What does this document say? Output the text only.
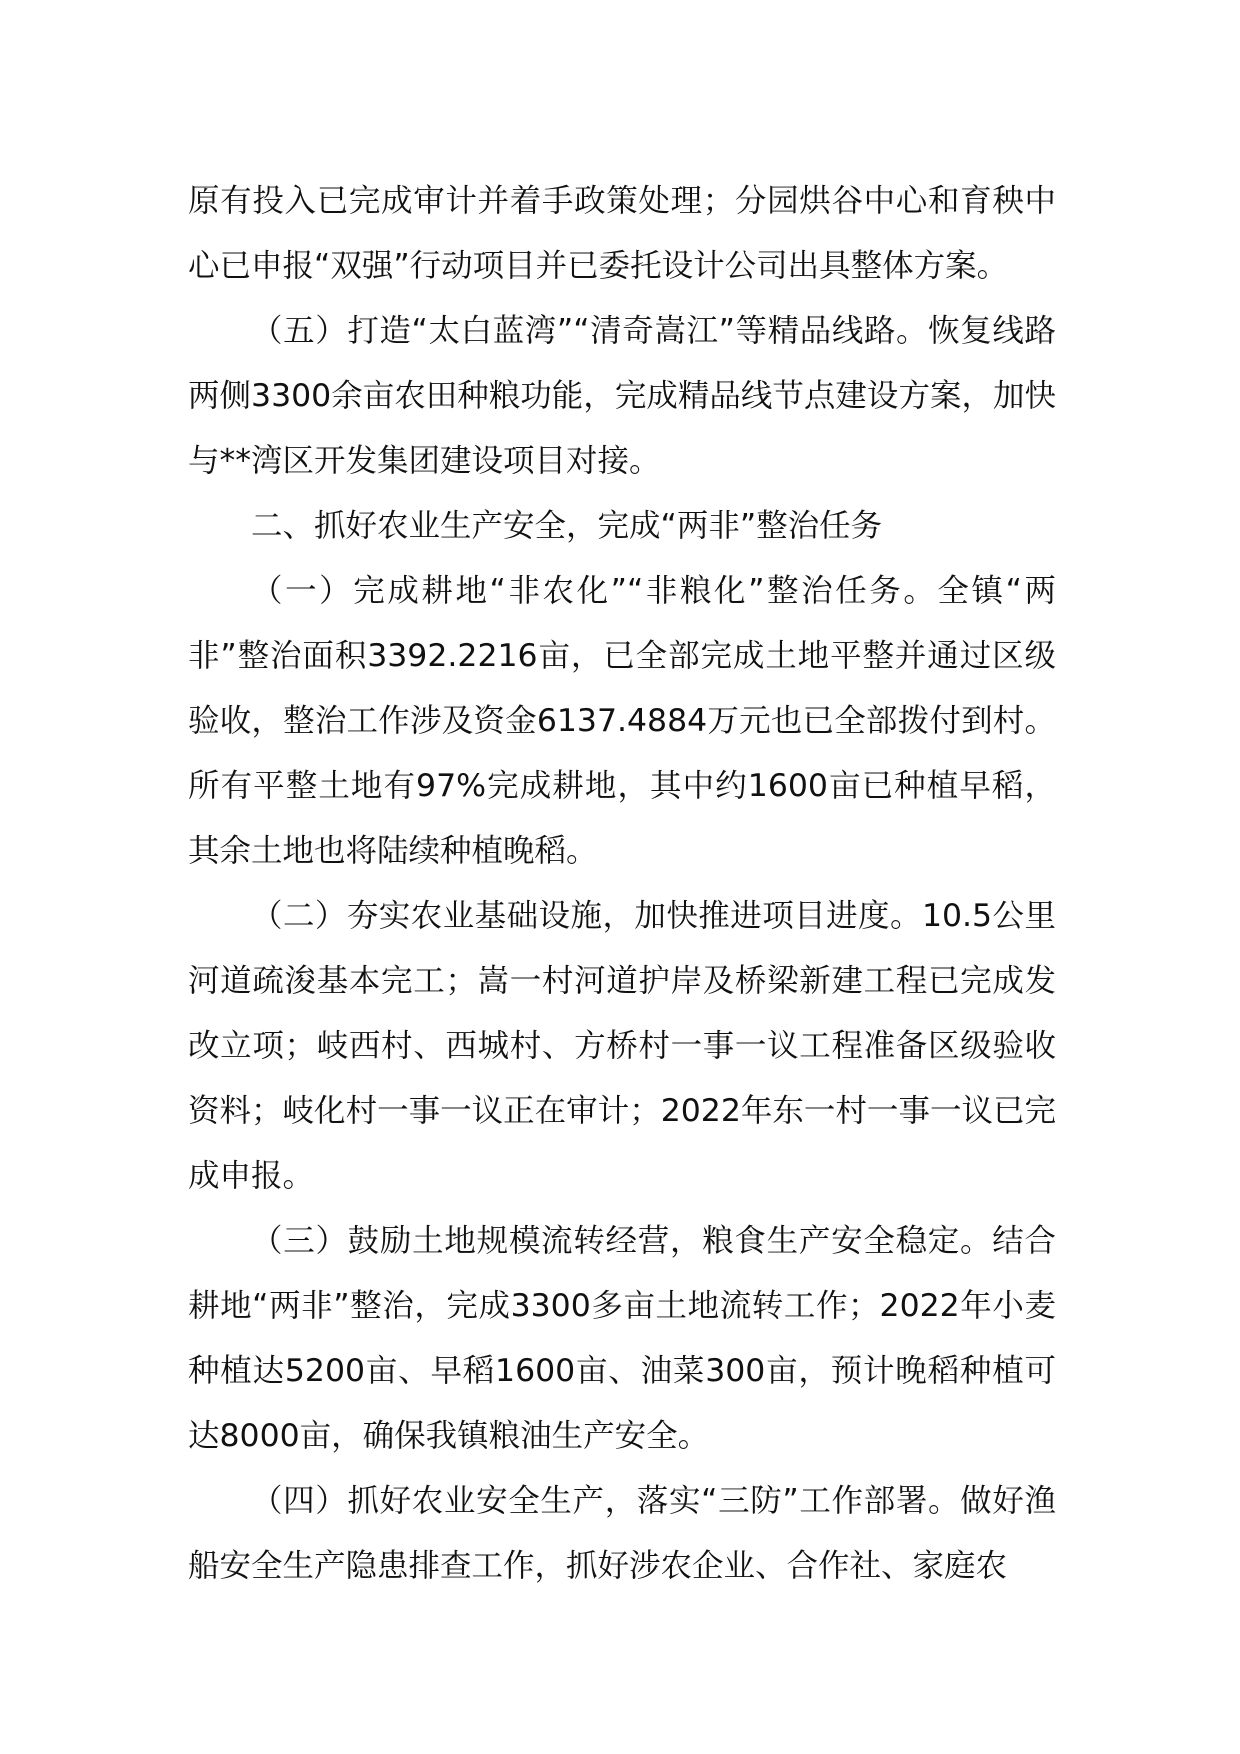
原有投入已完成审计并着手政策处理；分园烘谷中心和育秧中心已申报“双强”行动项目并已委托设计公司出具整体方案。

（五）打造“太白蓝湾”“清奇嵩江”等精品线路。恢复线路两侧3300余亩农田种粮功能，完成精品线节点建设方案，加快与**湾区开发集团建设项目对接。

二、抓好农业生产安全，完成“两非”整治任务

（一）完成耕地“非农化”“非粮化”整治任务。全镇“两非”整治面积3392.2216亩，已全部完成土地平整并通过区级验收，整治工作涉及资金6137.4884万元也已全部拨付到村。所有平整土地有97%完成耕地，其中约1600亩已种植早稻，其余土地也将陆续种植晚稻。

（二）夯实农业基础设施，加快推进项目进度。10.5公里河道疏浚基本完工；嵩一村河道护岸及桥梁新建工程已完成发改立项；岐西村、西城村、方桥村一事一议工程准备区级验收资料；岐化村一事一议正在审计；2022年东一村一事一议已完成申报。

（三）鼓励土地规模流转经营，粮食生产安全稳定。结合耕地“两非”整治，完成3300多亩土地流转工作；2022年小麦种植达5200亩、早稻1600亩、油菜300亩，预计晚稻种植可达8000亩，确保我镇粮油生产安全。

（四）抓好农业安全生产，落实“三防”工作部署。做好渔船安全生产隐患排查工作，抓好涉农企业、合作社、家庭农
